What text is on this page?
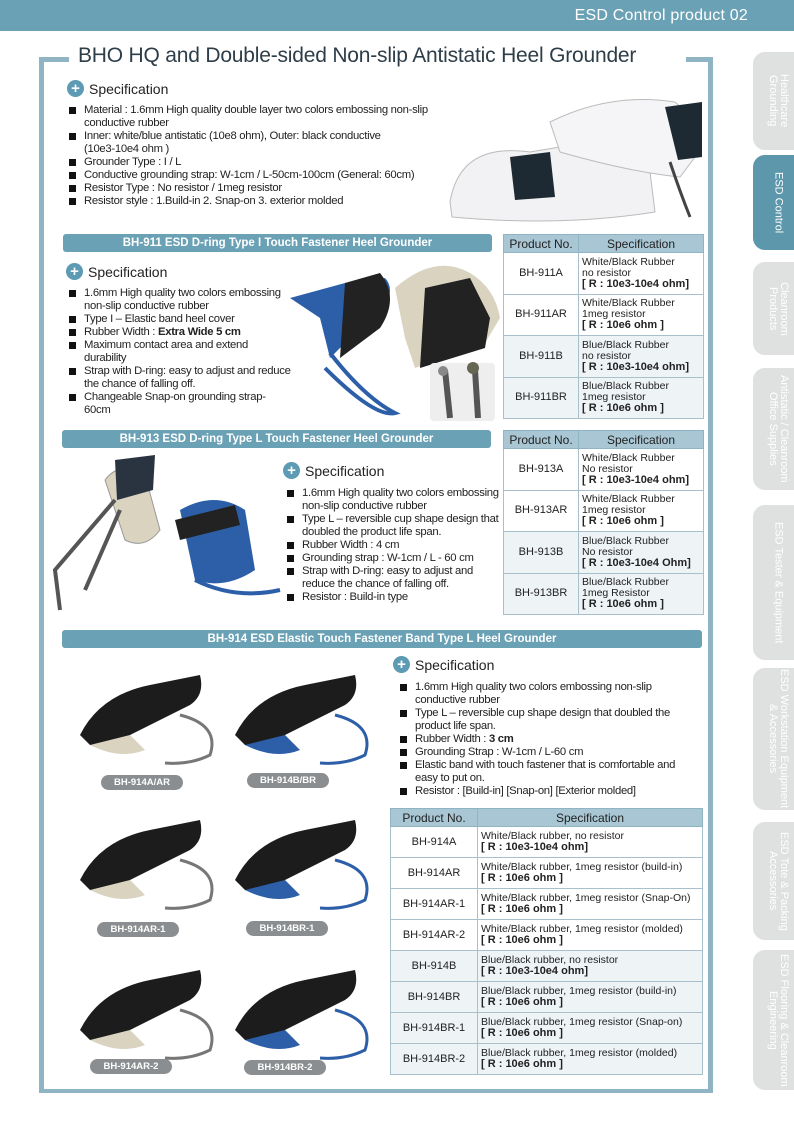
ESD Control product 02
BHO HQ and Double-sided Non-slip Antistatic Heel Grounder
Healthcare Grounding
ESD Control
Cleanroom Products
Antistatic / Cleanroom Office Supplies
ESD Tester & Equipment
ESD Workstation Equipment & Accessories
ESD Tote & Packing Accessories
ESD Flooring & Cleanroom Engineering
+ Specification
Material : 1.6mm High quality double layer two colors embossing non-slip conductive rubber
Inner: white/blue antistatic (10e8 ohm), Outer: black conductive (10e3-10e4 ohm )
Grounder Type : I / L
Conductive grounding strap: W-1cm / L-50cm-100cm (General: 60cm)
Resistor Type : No resistor / 1meg resistor
Resistor style : 1.Build-in 2. Snap-on 3. exterior molded
BH-911 ESD D-ring Type I Touch Fastener Heel Grounder
+ Specification
1.6mm High quality two colors embossing non-slip conductive rubber
Type I – Elastic band heel cover
Rubber Width : Extra Wide 5 cm
Maximum contact area and extend durability
Strap with D-ring: easy to adjust and reduce the chance of falling off.
Changeable Snap-on grounding strap-60cm
Product No.	Specification
BH-911A	White/Black Rubber
no resistor
[ R : 10e3-10e4 ohm]
BH-911AR	White/Black Rubber
1meg resistor
[ R : 10e6 ohm ]
BH-911B	Blue/Black Rubber
no resistor
[ R : 10e3-10e4 ohm]
BH-911BR	Blue/Black Rubber
1meg resistor
[ R : 10e6 ohm ]
BH-913 ESD D-ring Type L Touch Fastener Heel Grounder
+ Specification
1.6mm High quality two colors embossing non-slip conductive rubber
Type L – reversible cup shape design that doubled the product life span.
Rubber Width : 4 cm
Grounding strap : W-1cm / L - 60 cm
Strap with D-ring: easy to adjust and reduce the chance of falling off.
Resistor : Build-in type
Product No.	Specification
BH-913A	White/Black Rubber
No resistor
[ R : 10e3-10e4 ohm]
BH-913AR	White/Black Rubber
1meg resistor
[ R : 10e6 ohm ]
BH-913B	Blue/Black Rubber
No resistor
[ R : 10e3-10e4 Ohm]
BH-913BR	Blue/Black Rubber
1meg Resistor
[ R : 10e6 ohm ]
BH-914 ESD Elastic Touch Fastener Band Type L Heel Grounder
BH-914A/AR	BH-914B/BR
BH-914AR-1	BH-914BR-1
BH-914AR-2	BH-914BR-2
+ Specification
1.6mm High quality two colors embossing non-slip conductive rubber
Type L – reversible cup shape design that doubled the product life span.
Rubber Width : 3 cm
Grounding Strap : W-1cm / L-60 cm
Elastic band with touch fastener that is comfortable and easy to put on.
Resistor : [Build-in] [Snap-on] [Exterior molded]
Product No.	Specification
BH-914A	White/Black rubber, no resistor
[ R : 10e3-10e4 ohm]
BH-914AR	White/Black rubber, 1meg resistor (build-in)
[ R : 10e6 ohm ]
BH-914AR-1	White/Black rubber, 1meg resistor (Snap-On)
[ R : 10e6 ohm ]
BH-914AR-2	White/Black rubber, 1meg resistor (molded)
[ R : 10e6 ohm ]
BH-914B	Blue/Black rubber, no resistor
[ R : 10e3-10e4 ohm]
BH-914BR	Blue/Black rubber, 1meg resistor (build-in)
[ R : 10e6 ohm ]
BH-914BR-1	Blue/Black rubber, 1meg resistor (Snap-on)
[ R : 10e6 ohm ]
BH-914BR-2	Blue/Black rubber, 1meg resistor (molded)
[ R : 10e6 ohm ]
